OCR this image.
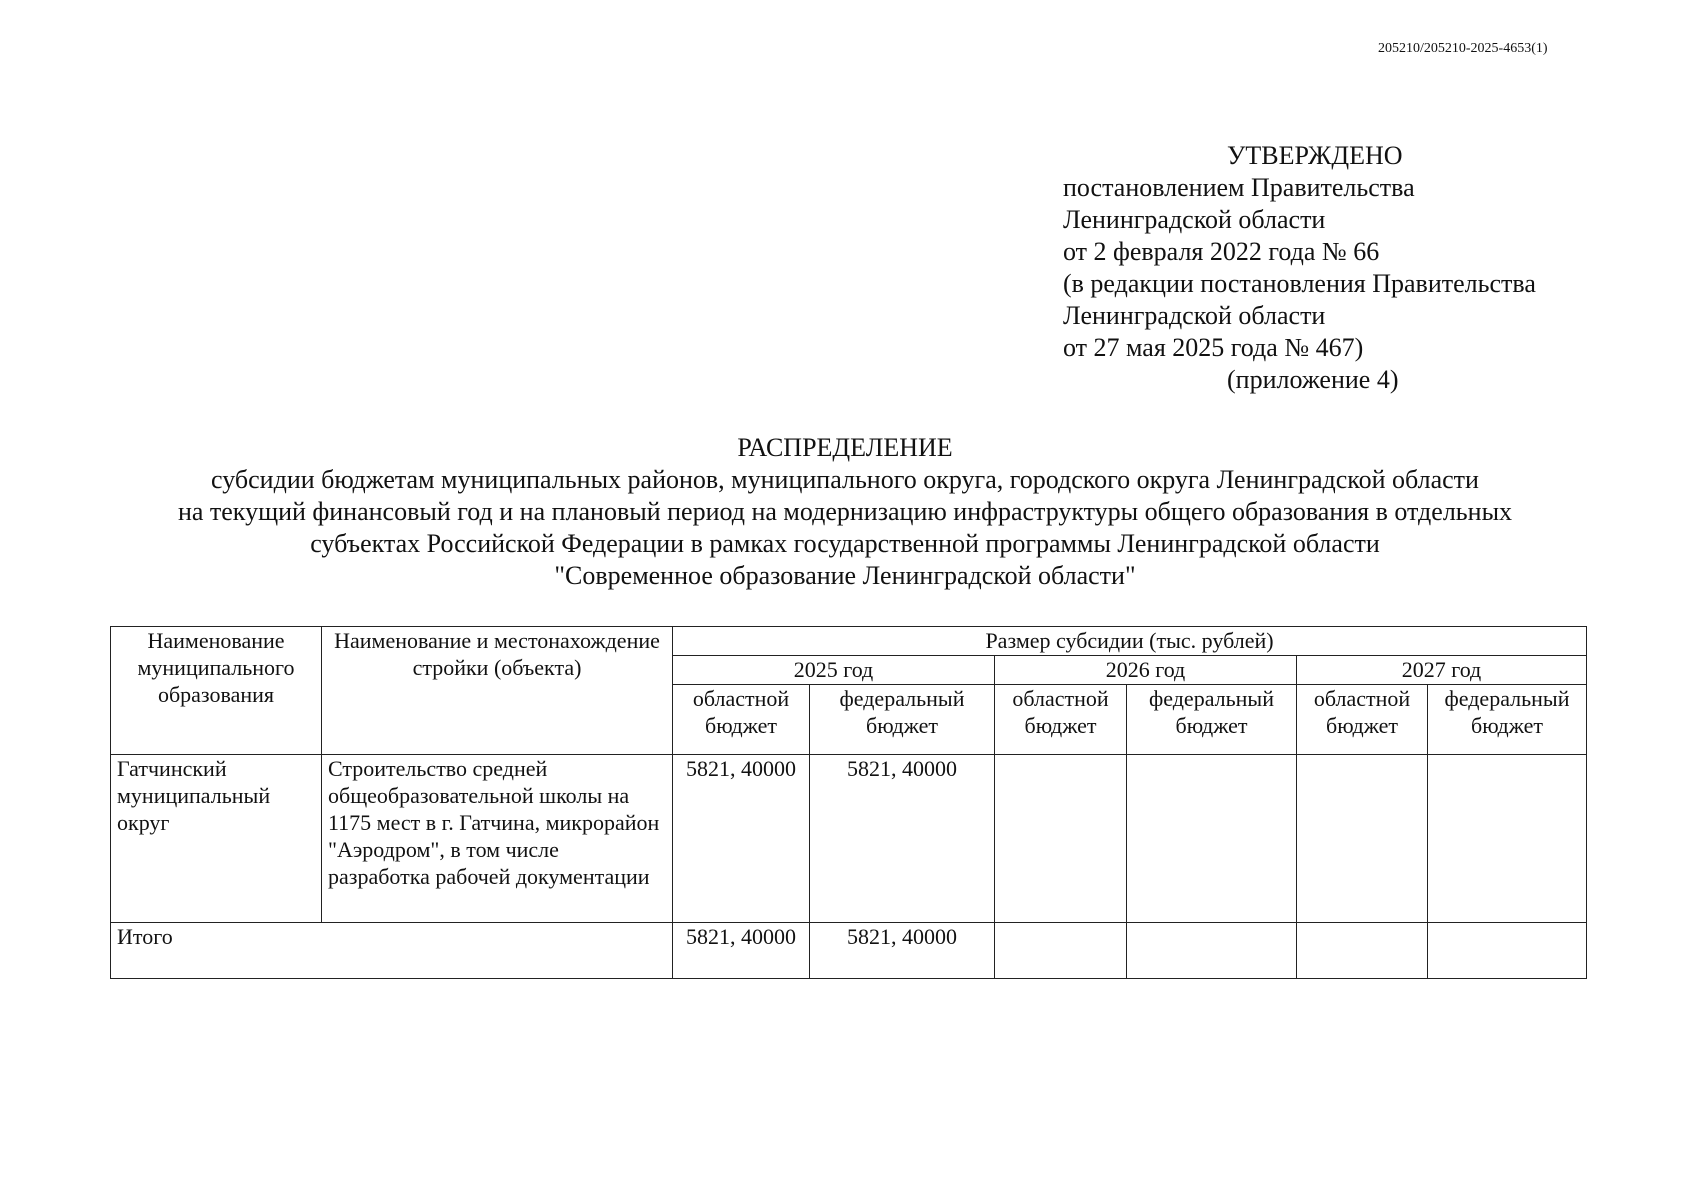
205210/205210-2025-4653(1)
УТВЕРЖДЕНО
постановлением Правительства
Ленинградской области
от 2 февраля 2022 года № 66
(в редакции постановления Правительства
Ленинградской области
от 27 мая 2025 года № 467)
(приложение 4)
РАСПРЕДЕЛЕНИЕ
субсидии бюджетам муниципальных районов, муниципального округа, городского округа Ленинградской области
на текущий финансовый год и на плановый период на модернизацию инфраструктуры общего образования в отдельных
субъектах Российской Федерации в рамках государственной программы Ленинградской области
"Современное образование Ленинградской области"
Наименование муниципального образования	Наименование и местонахождение стройки (объекта)	Размер субсидии (тыс. рублей)					
		2025 год		2026 год		2027 год	
		областной бюджет	федеральный бюджет	областной бюджет	федеральный бюджет	областной бюджет	федеральный бюджет
Гатчинский муниципальный округ	Строительство средней общеобразовательной школы на 1175 мест в г. Гатчина, микрорайон "Аэродром", в том числе разработка рабочей документации	5821, 40000	5821, 40000				
Итого		5821, 40000	5821, 40000				
